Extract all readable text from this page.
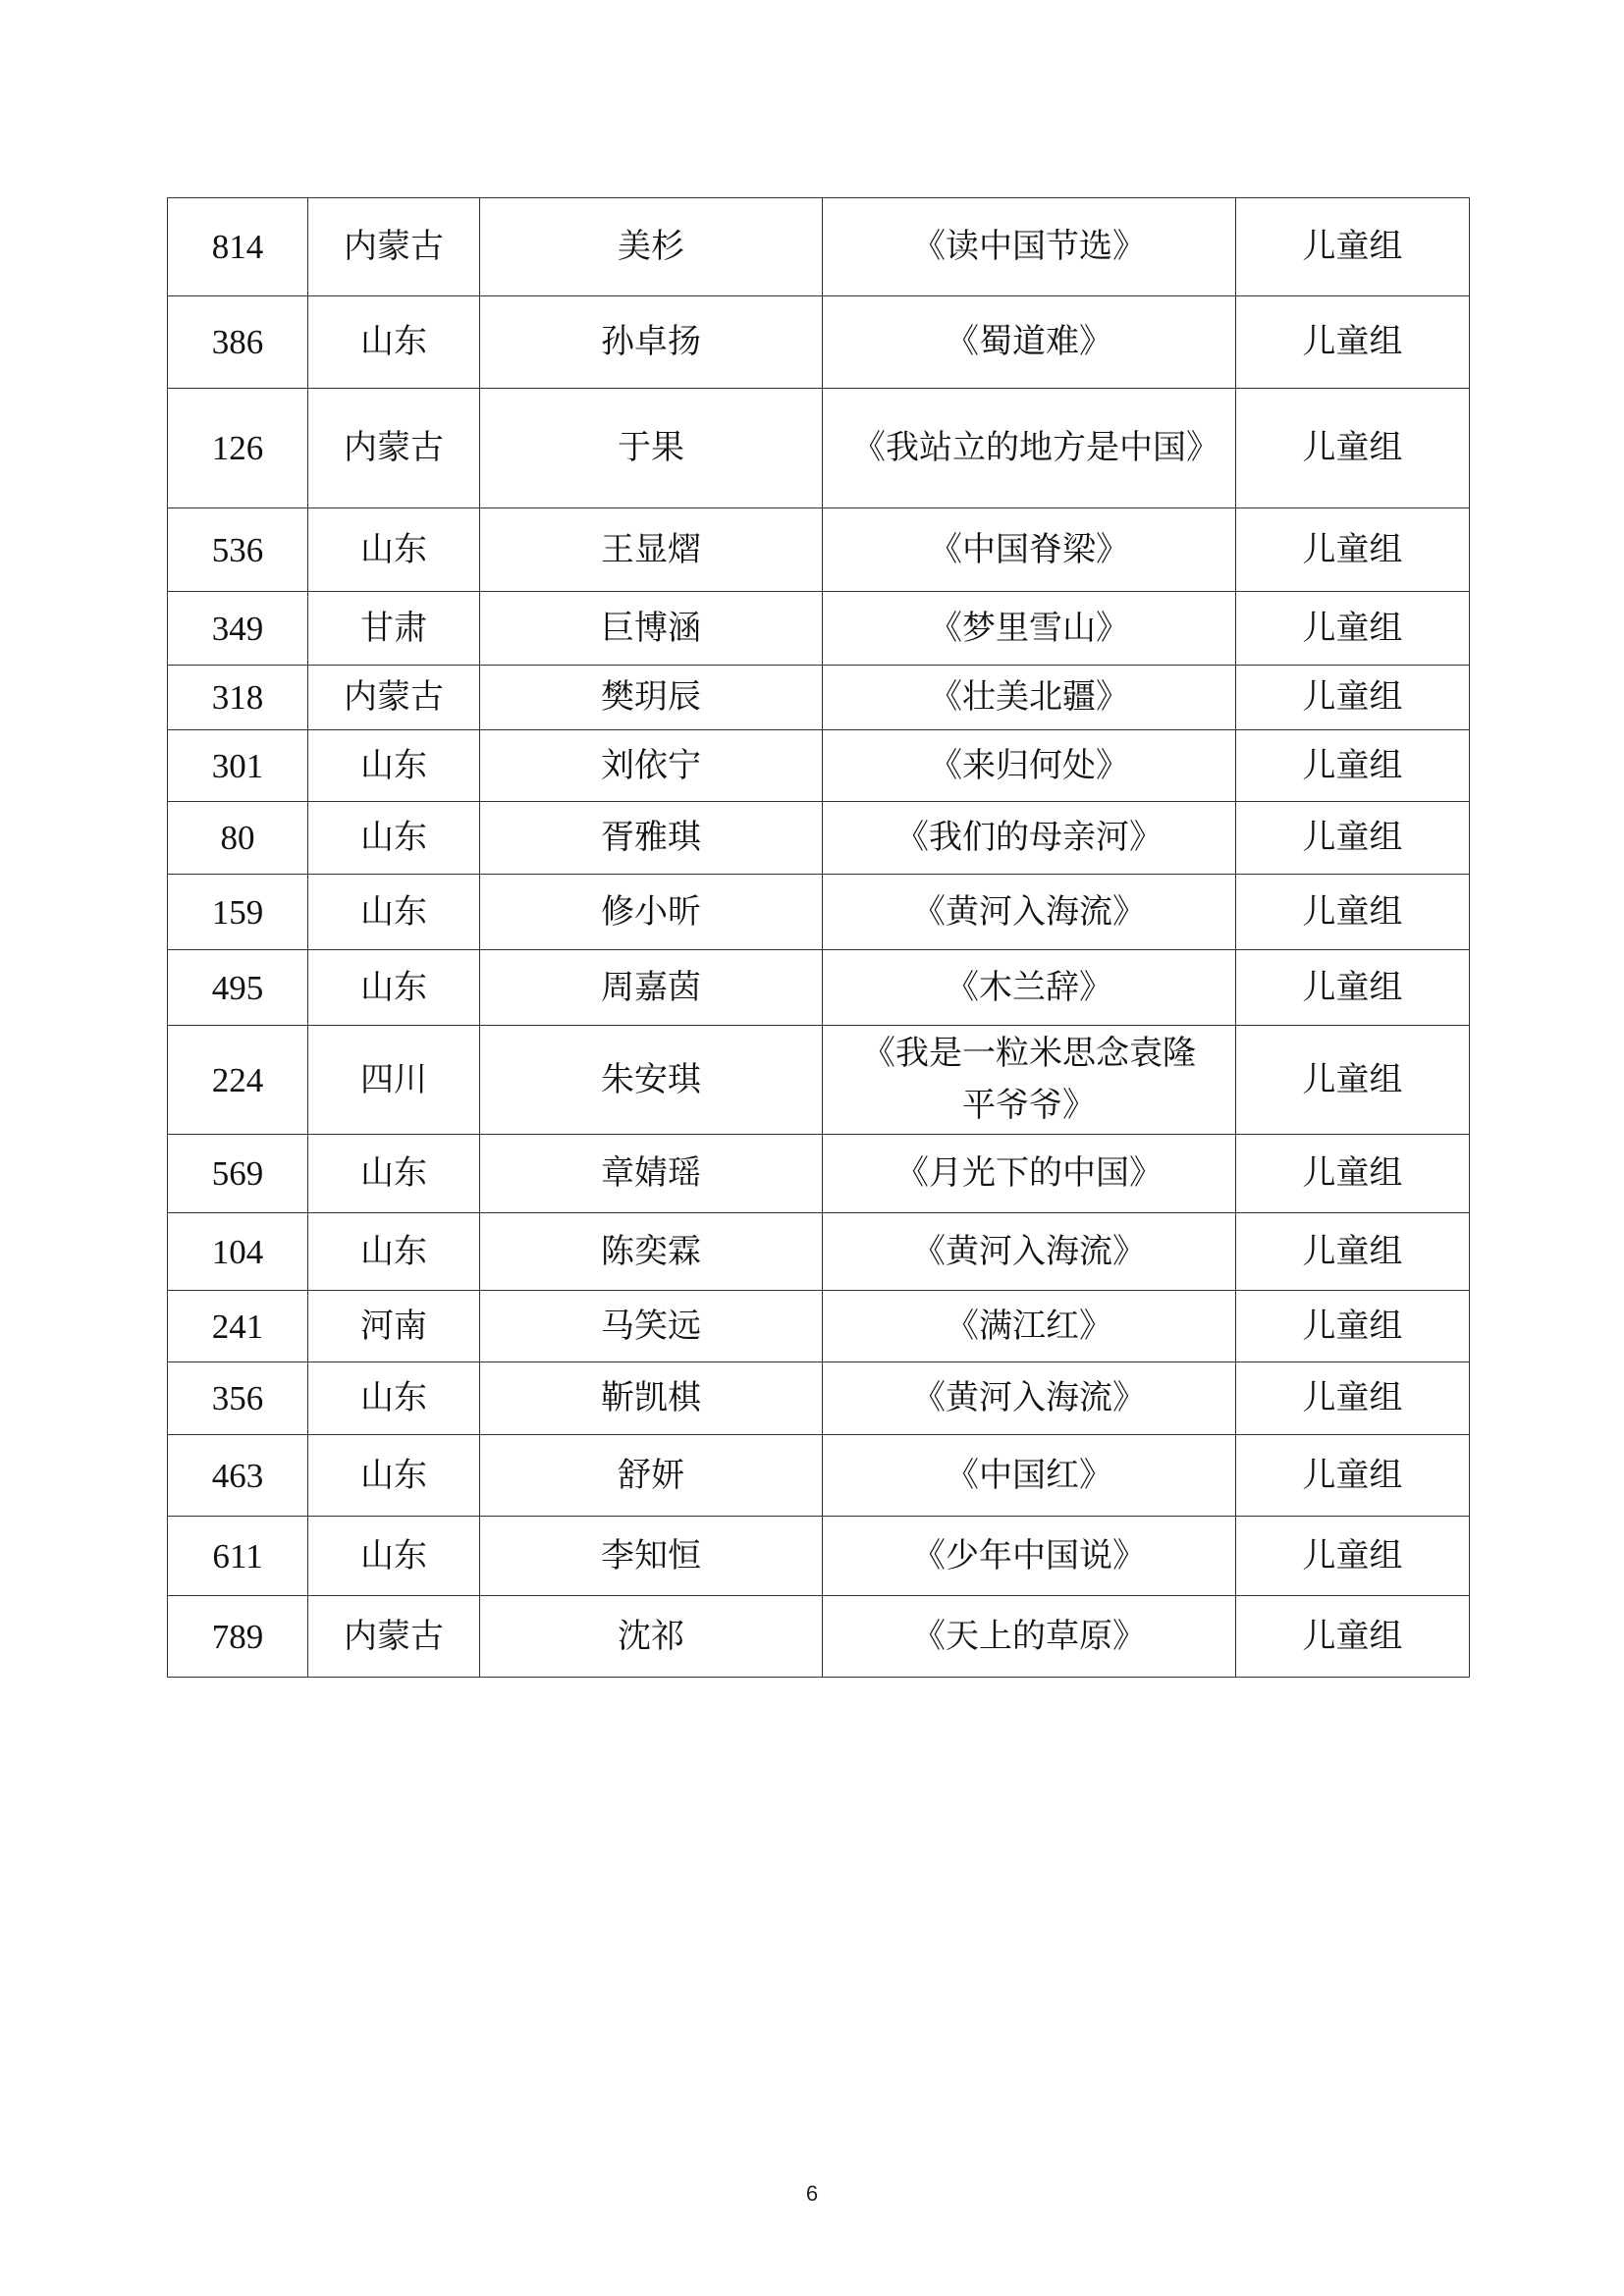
814	内蒙古	美杉	《读中国节选》	儿童组
386	山东	孙卓扬	《蜀道难》	儿童组
126	内蒙古	于果	《我站立的地方是中国》	儿童组
536	山东	王显熠	《中国脊梁》	儿童组
349	甘肃	巨博涵	《梦里雪山》	儿童组
318	内蒙古	樊玥辰	《壮美北疆》	儿童组
301	山东	刘依宁	《来归何处》	儿童组
80	山东	胥雅琪	《我们的母亲河》	儿童组
159	山东	修小昕	《黄河入海流》	儿童组
495	山东	周嘉茵	《木兰辞》	儿童组
224	四川	朱安琪	《我是一粒米思念袁隆平爷爷》	儿童组
569	山东	章婧瑶	《月光下的中国》	儿童组
104	山东	陈奕霖	《黄河入海流》	儿童组
241	河南	马笑远	《满江红》	儿童组
356	山东	靳凯棋	《黄河入海流》	儿童组
463	山东	舒妍	《中国红》	儿童组
611	山东	李知恒	《少年中国说》	儿童组
789	内蒙古	沈祁	《天上的草原》	儿童组
6
